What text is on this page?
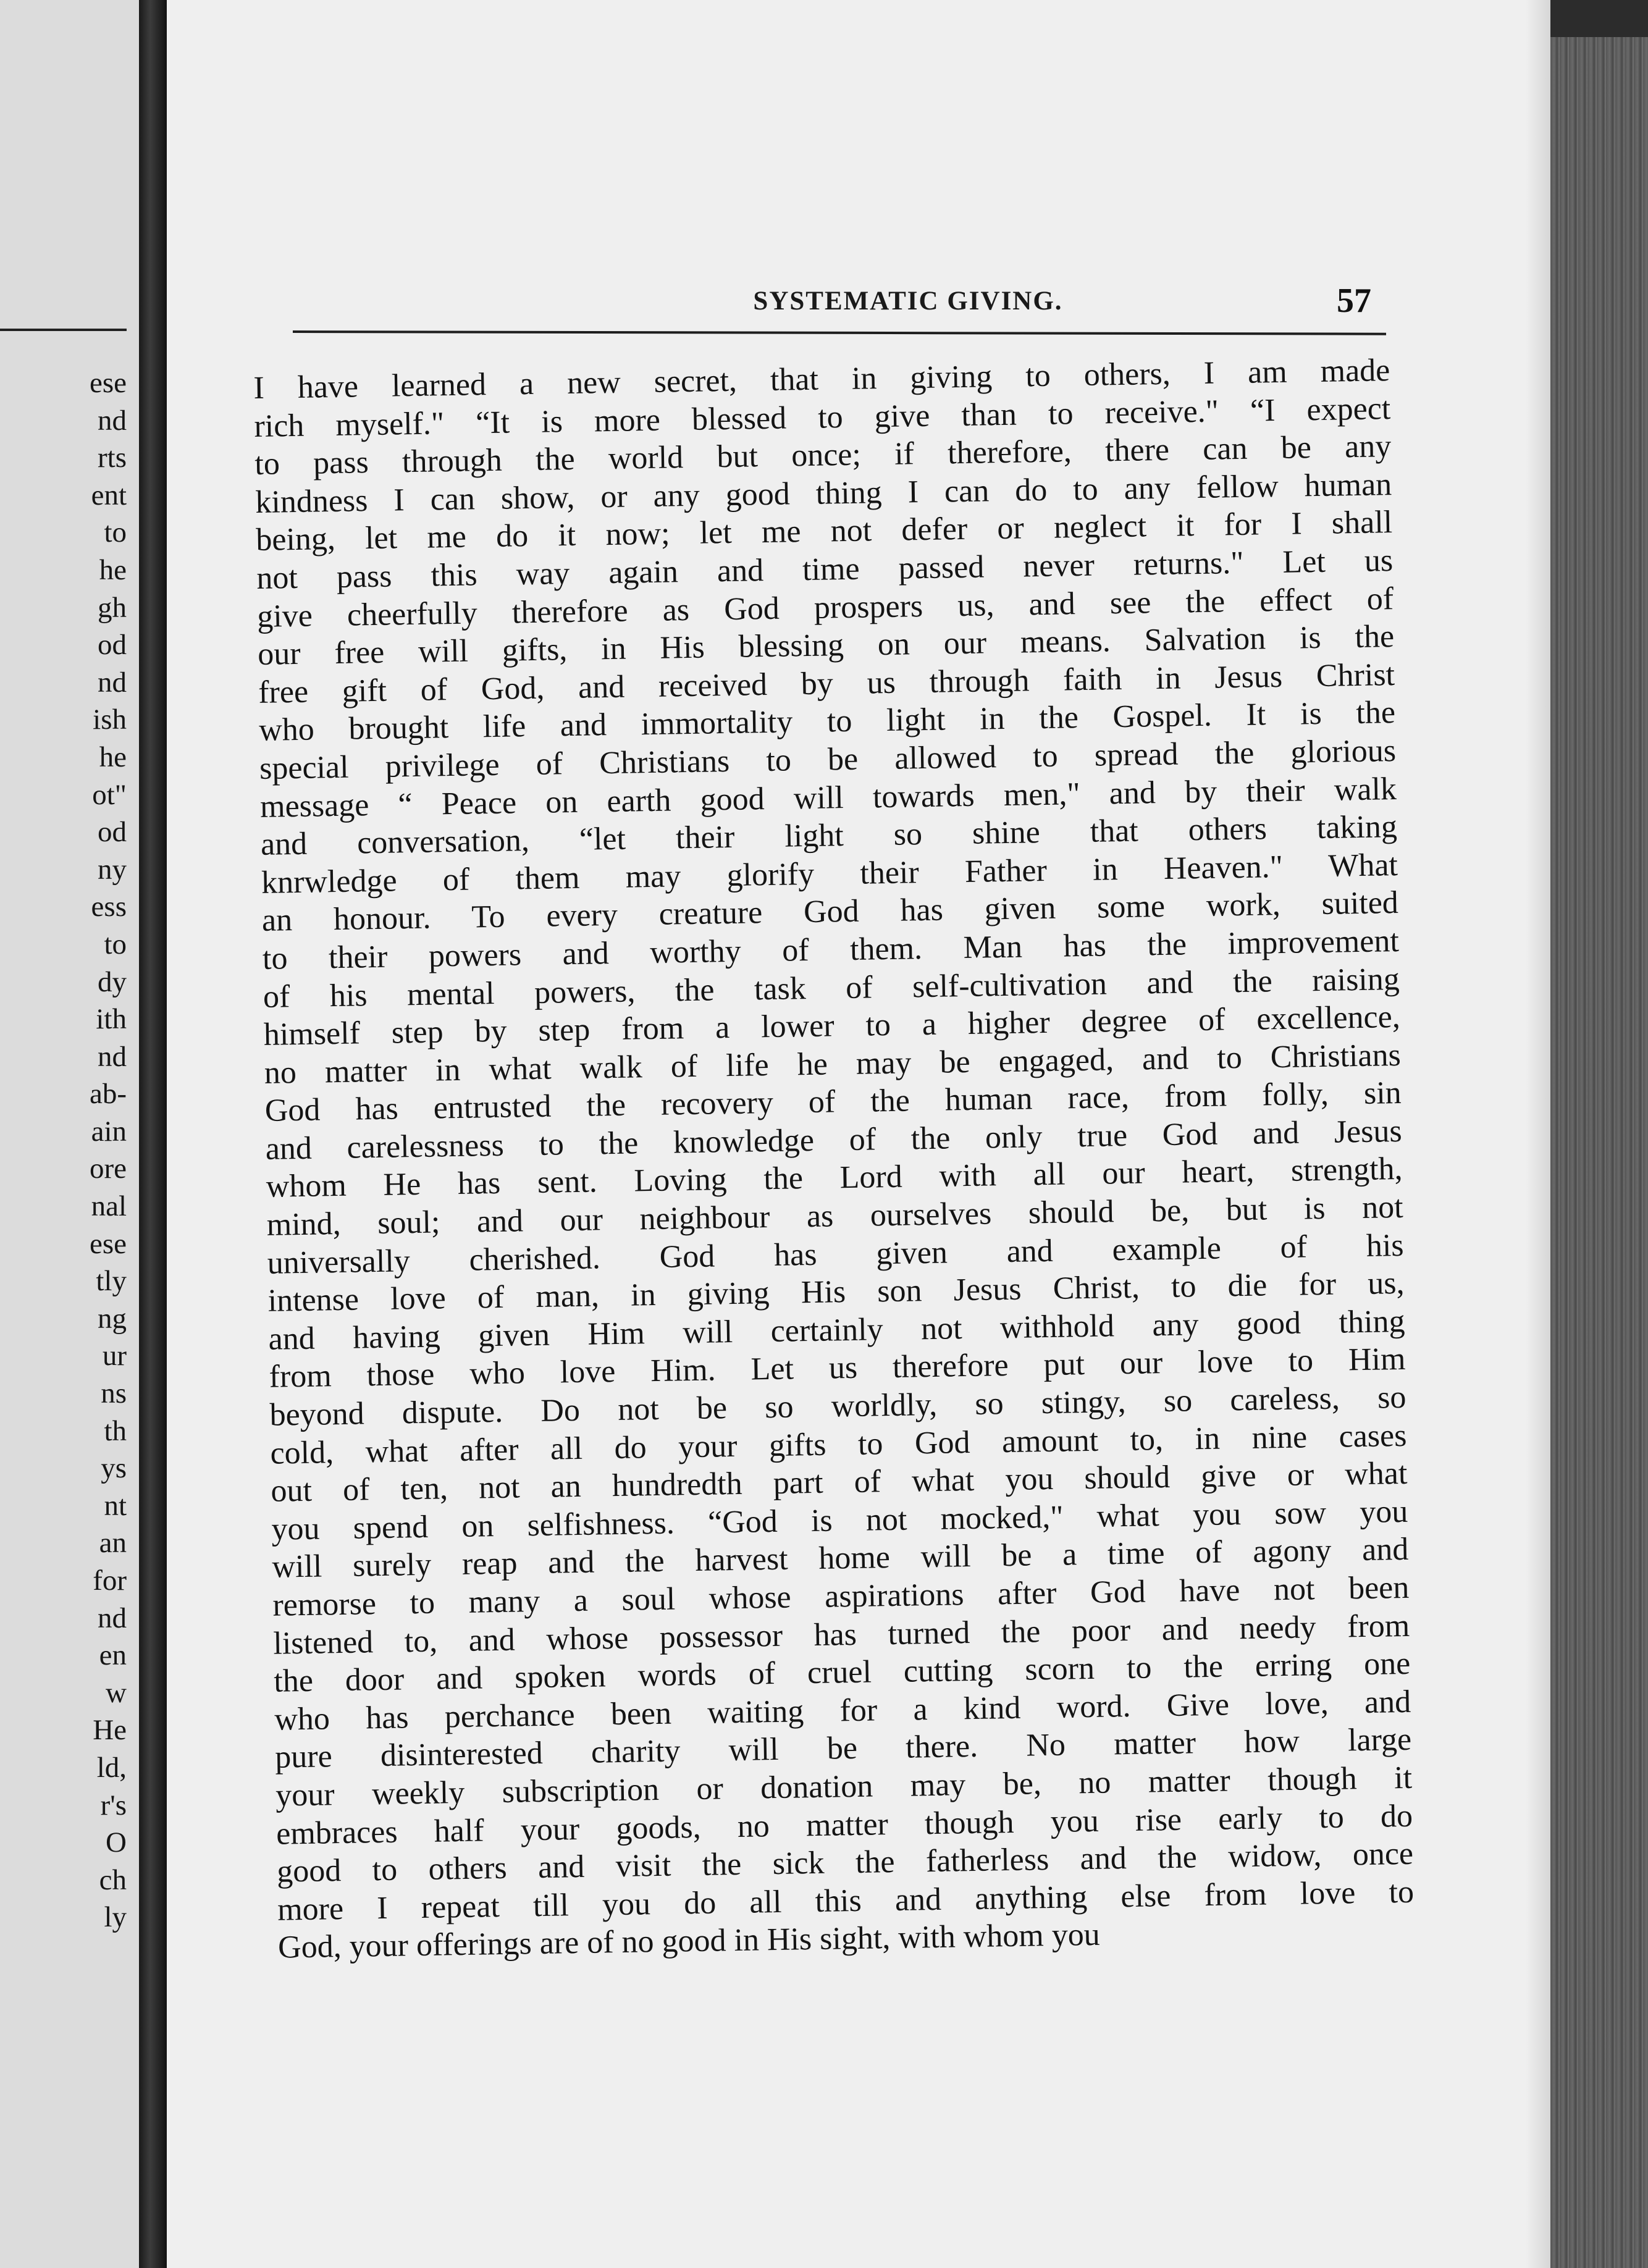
ese
nd
rts
ent
to
he
gh
od
nd
ish
he
ot"
od
ny
ess
to
dy
ith
nd
ab-
ain
ore
nal
ese
tly
ng
ur
ns
th
ys
nt
an
for
nd
en
w
He
ld,
r's
O
ch
ly
SYSTEMATIC GIVING.	57
I have learned a new secret, that in giving to others, I am made
rich myself." “It is more blessed to give than to receive." “I expect
to pass through the world but once; if therefore, there can be any
kindness I can show, or any good thing I can do to any fellow human
being, let me do it now; let me not defer or neglect it for I shall
not pass this way again and time passed never returns." Let us
give cheerfully therefore as God prospers us, and see the effect of
our free will gifts, in His blessing on our means. Salvation is the
free gift of God, and received by us through faith in Jesus Christ
who brought life and immortality to light in the Gospel. It is the
special privilege of Christians to be allowed to spread the glorious
message “ Peace on earth good will towards men," and by their walk
and conversation, “let their light so shine that others taking
knrwledge of them may glorify their Father in Heaven." What
an honour. To every creature God has given some work, suited
to their powers and worthy of them. Man has the improvement
of his mental powers, the task of self-cultivation and the raising
himself step by step from a lower to a higher degree of excellence,
no matter in what walk of life he may be engaged, and to Christians
God has entrusted the recovery of the human race, from folly, sin
and carelessness to the knowledge of the only true God and Jesus
whom He has sent. Loving the Lord with all our heart, strength,
mind, soul; and our neighbour as ourselves should be, but is not
universally cherished. God has given and example of his
intense love of man, in giving His son Jesus Christ, to die for us,
and having given Him will certainly not withhold any good thing
from those who love Him. Let us therefore put our love to Him
beyond dispute. Do not be so worldly, so stingy, so careless, so
cold, what after all do your gifts to God amount to, in nine cases
out of ten, not an hundredth part of what you should give or what
you spend on selfishness. “God is not mocked," what you sow you
will surely reap and the harvest home will be a time of agony and
remorse to many a soul whose aspirations after God have not been
listened to, and whose possessor has turned the poor and needy from
the door and spoken words of cruel cutting scorn to the erring one
who has perchance been waiting for a kind word. Give love, and
pure disinterested charity will be there. No matter how large
your weekly subscription or donation may be, no matter though it
embraces half your goods, no matter though you rise early to do
good to others and visit the sick the fatherless and the widow, once
more I repeat till you do all this and anything else from love to
God, your offerings are of no good in His sight, with whom you
